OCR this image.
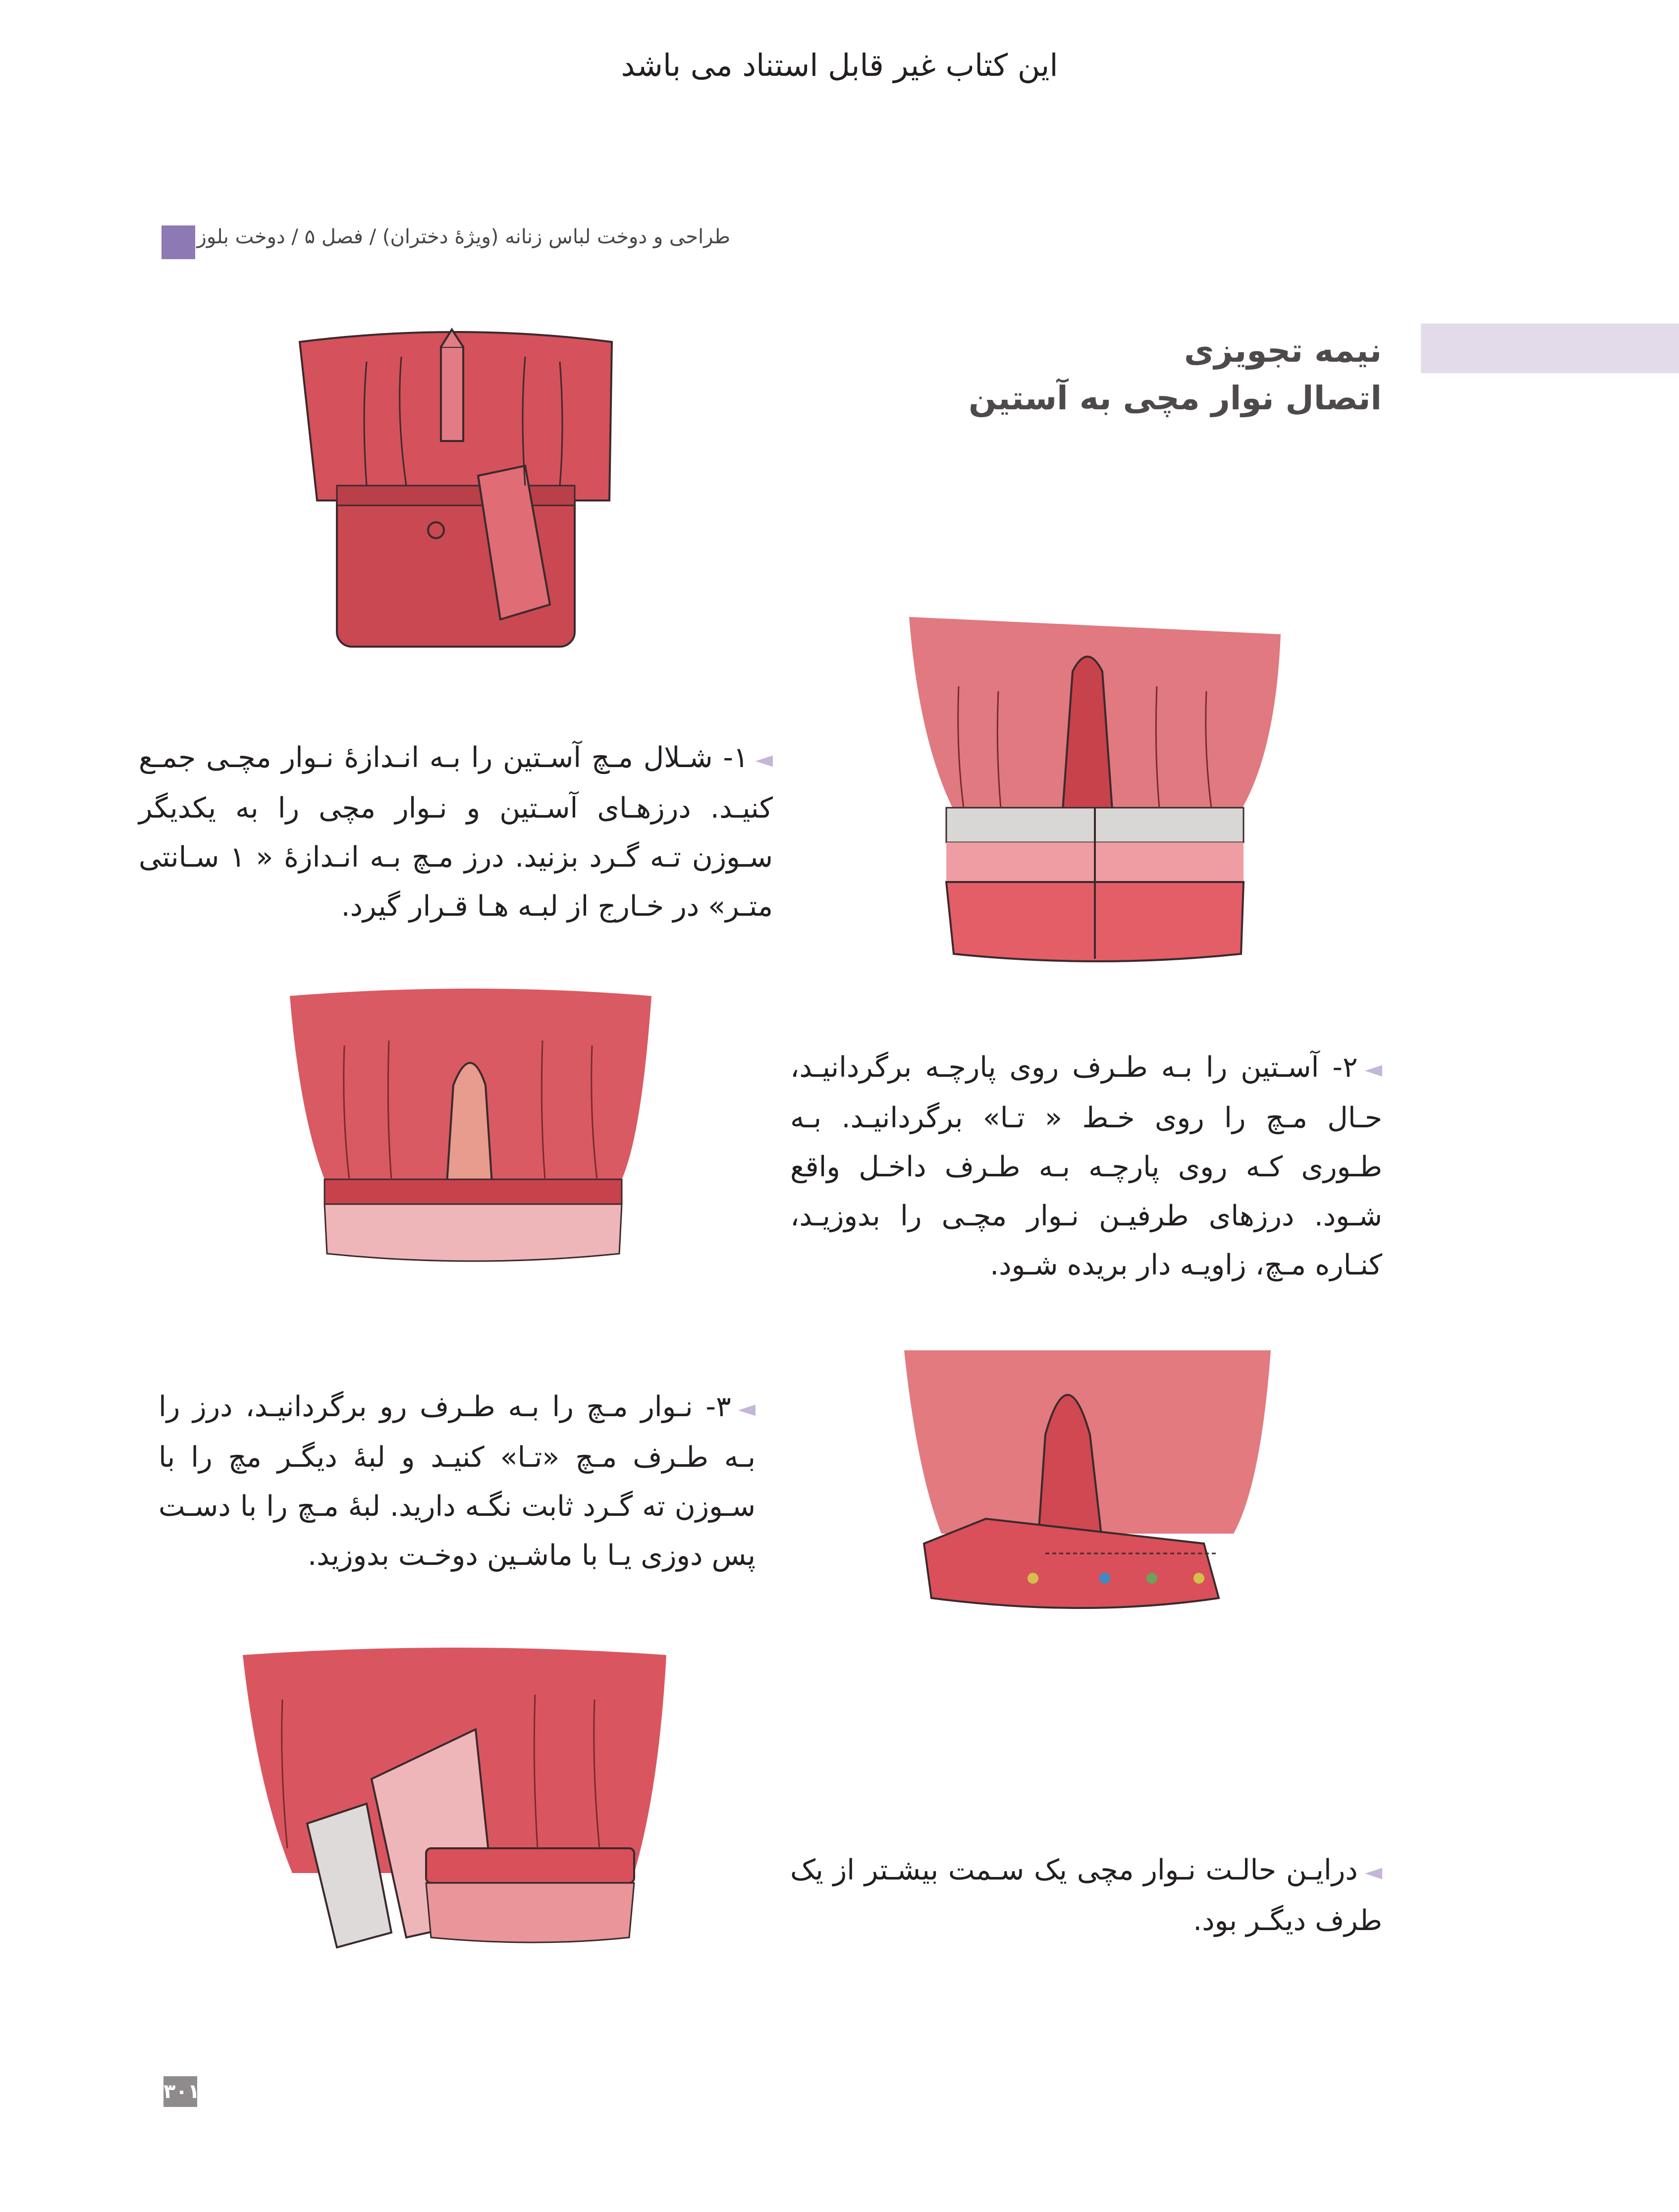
این کتاب غیر قابل استناد می باشد
طراحی و دوخت لباس زنانه (ویژۀ دختران) / فصل ۵ / دوخت بلوز
نیمه تجویزی
اتصال نوار مچی به آستین
◄۱- شـلال مـچ آسـتین را بـه انـدازۀ نـوار مچـی جمـع کنیـد. درزهـای آسـتین و نـوار مچی را به یکدیگر سـوزن تـه گـرد بزنید. درز مـچ بـه انـدازۀ « ۱ سـانتی متـر» در خـارج از لبـه هـا قـرار گیرد.
◄۲- آسـتین را بـه طـرف روی پارچـه برگردانیـد، حـال مـچ را روی خـط « تـا» برگردانیـد. بـه طـوری کـه روی پارچـه بـه طـرف داخـل واقع شـود. درزهای طرفیـن نـوار مچـی را بدوزیـد، کنـاره مـچ، زاویـه دار بریده شـود.
◄۳- نـوار مـچ را بـه طـرف رو برگردانیـد، درز را بـه طـرف مـچ «تـا» کنیـد و لبۀ دیگـر مچ را با سـوزن ته گـرد ثابت نگـه دارید. لبۀ مـچ را با دسـت پس دوزی یـا با ماشـین دوخـت بدوزید.
◄درایـن حالـت نـوار مچی یک سـمت بیشـتر از یک طرف دیگـر بود.
۳۰۱
